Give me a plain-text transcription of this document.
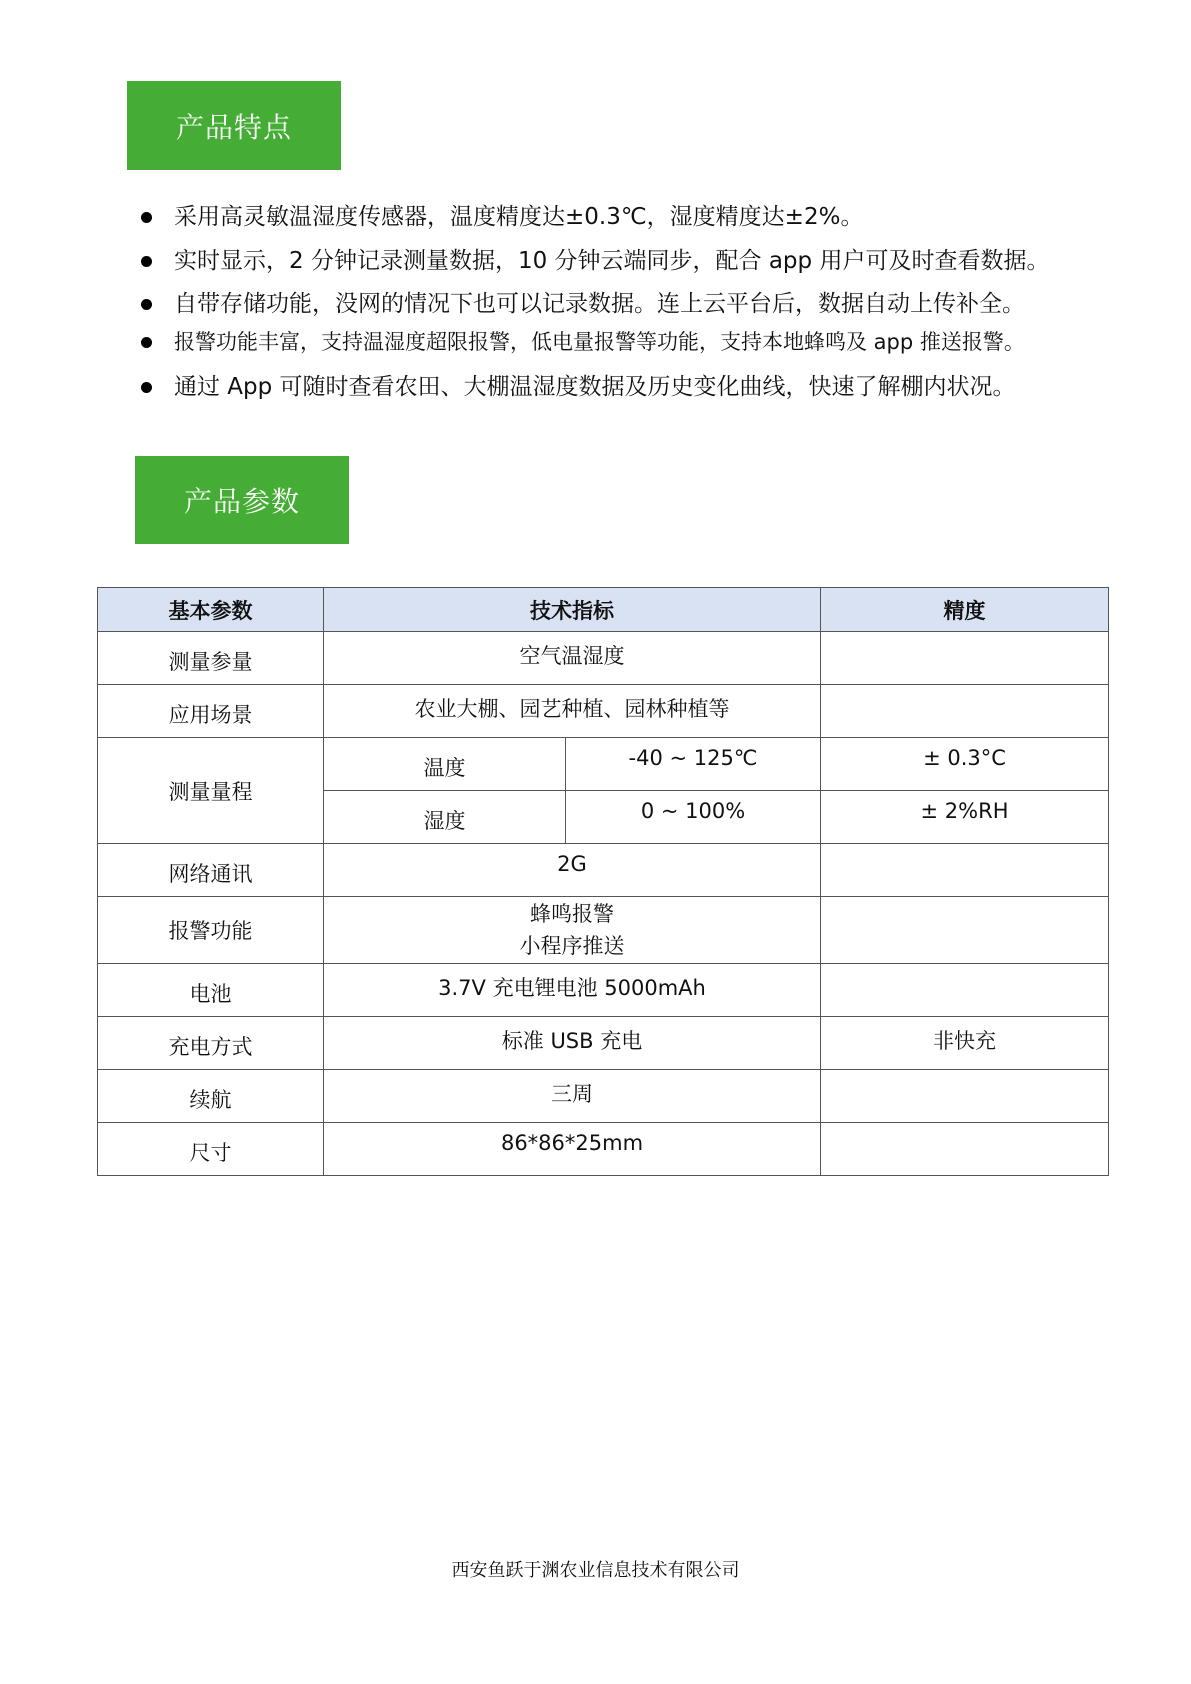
产品特点
采用高灵敏温湿度传感器，温度精度达±0.3℃，湿度精度达±2%。
实时显示，2 分钟记录测量数据，10 分钟云端同步，配合 app 用户可及时查看数据。
自带存储功能，没网的情况下也可以记录数据。连上云平台后，数据自动上传补全。
报警功能丰富，支持温湿度超限报警，低电量报警等功能，支持本地蜂鸣及 app 推送报警。
通过 App 可随时查看农田、大棚温湿度数据及历史变化曲线，快速了解棚内状况。
产品参数
基本参数	技术指标		精度
测量参量	空气温湿度		
应用场景	农业大棚、园艺种植、园林种植等		
测量量程	温度	-40 ~ 125℃	± 0.3°C
	湿度	0 ~ 100%	± 2%RH
网络通讯	2G		
报警功能	蜂鸣报警
小程序推送		

电池	3.7V 充电锂电池 5000mAh		
充电方式	标准 USB 充电		非快充
续航	三周		
尺寸	86*86*25mm		
西安鱼跃于渊农业信息技术有限公司
